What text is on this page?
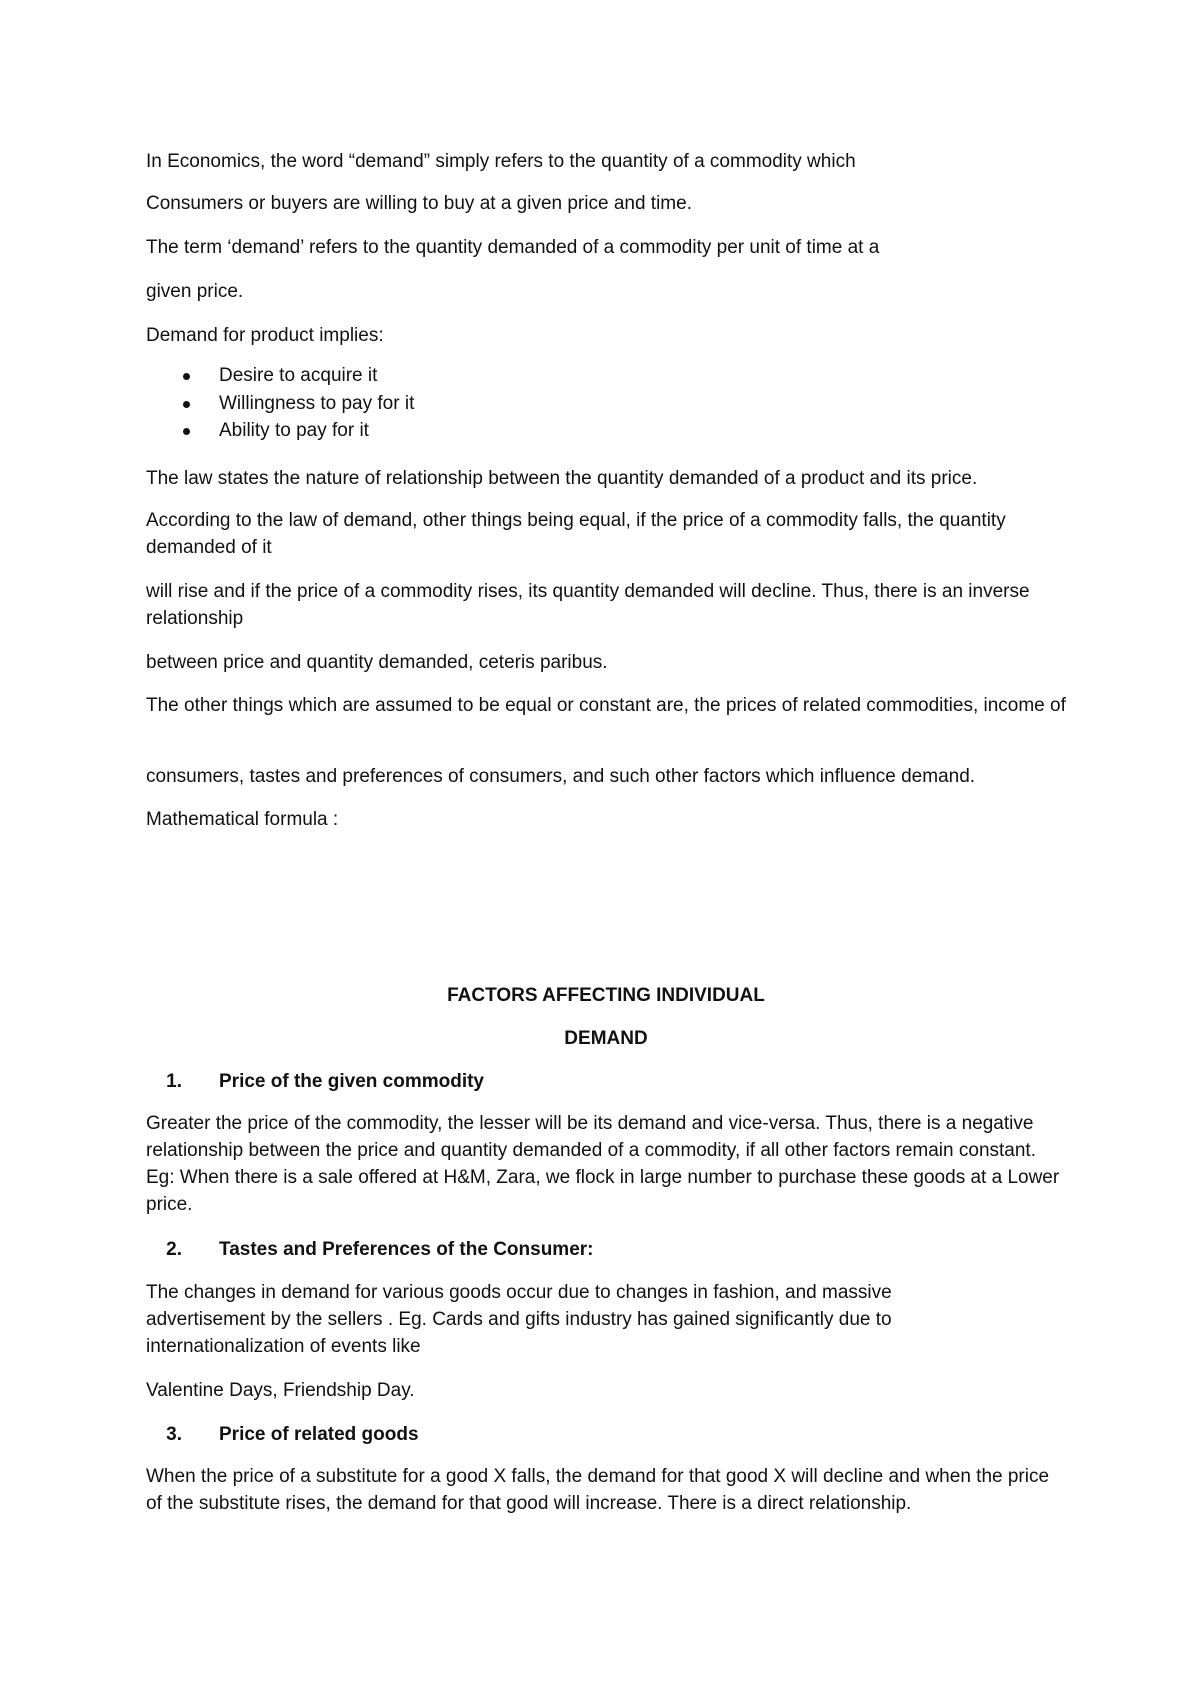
In Economics, the word “demand” simply refers to the quantity of a commodity which

Consumers or buyers are willing to buy at a given price and time.

The term ‘demand’ refers to the quantity demanded of a commodity per unit of time at a

given price.

Demand for product implies:

Desire to acquire it
Willingness to pay for it
Ability to pay for it

The law states the nature of relationship between the quantity demanded of a product and its price.

According to the law of demand, other things being equal, if the price of a commodity falls, the quantity demanded of it

will rise and if the price of a commodity rises, its quantity demanded will decline. Thus, there is an inverse relationship

between price and quantity demanded, ceteris paribus.

The other things which are assumed to be equal or constant are, the prices of related commodities, income of

consumers, tastes and preferences of consumers, and such other factors which influence demand.

Mathematical formula :

FACTORS AFFECTING INDIVIDUAL
DEMAND
1. Price of the given commodity

Greater the price of the commodity, the lesser will be its demand and vice-versa. Thus, there is a negative relationship between the price and quantity demanded of a commodity, if all other factors remain constant. Eg: When there is a sale offered at H&M, Zara, we flock in large number to purchase these goods at a Lower price.

2. Tastes and Preferences of the Consumer:

The changes in demand for various goods occur due to changes in fashion, and massive advertisement by the sellers . Eg. Cards and gifts industry has gained significantly due to internationalization of events like

Valentine Days, Friendship Day.

3. Price of related goods

When the price of a substitute for a good X falls, the demand for that good X will decline and when the price of the substitute rises, the demand for that good will increase. There is a direct relationship.
